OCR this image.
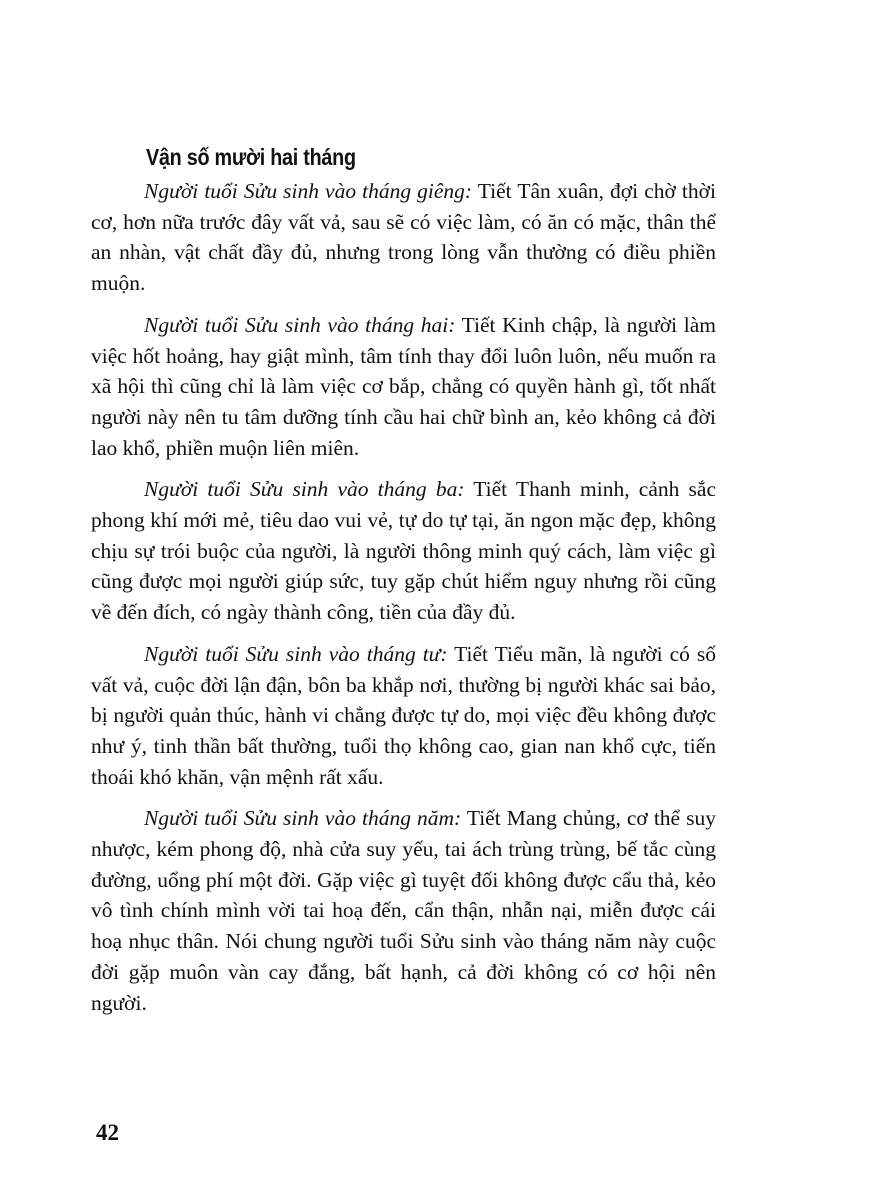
Vận số mười hai tháng

Người tuổi Sửu sinh vào tháng giêng: Tiết Tân xuân, đợi chờ thời cơ, hơn nữa trước đây vất vả, sau sẽ có việc làm, có ăn có mặc, thân thể an nhàn, vật chất đầy đủ, nhưng trong lòng vẫn thường có điều phiền muộn.

Người tuổi Sửu sinh vào tháng hai: Tiết Kinh chập, là người làm việc hốt hoảng, hay giật mình, tâm tính thay đổi luôn luôn, nếu muốn ra xã hội thì cũng chỉ là làm việc cơ bắp, chẳng có quyền hành gì, tốt nhất người này nên tu tâm dưỡng tính cầu hai chữ bình an, kẻo không cả đời lao khổ, phiền muộn liên miên.

Người tuổi Sửu sinh vào tháng ba: Tiết Thanh minh, cảnh sắc phong khí mới mẻ, tiêu dao vui vẻ, tự do tự tại, ăn ngon mặc đẹp, không chịu sự trói buộc của người, là người thông minh quý cách, làm việc gì cũng được mọi người giúp sức, tuy gặp chút hiểm nguy nhưng rồi cũng về đến đích, có ngày thành công, tiền của đầy đủ.

Người tuổi Sửu sinh vào tháng tư: Tiết Tiểu mãn, là người có số vất vả, cuộc đời lận đận, bôn ba khắp nơi, thường bị người khác sai bảo, bị người quản thúc, hành vi chẳng được tự do, mọi việc đều không được như ý, tinh thần bất thường, tuổi thọ không cao, gian nan khổ cực, tiến thoái khó khăn, vận mệnh rất xấu.

Người tuổi Sửu sinh vào tháng năm: Tiết Mang chủng, cơ thể suy nhược, kém phong độ, nhà cửa suy yếu, tai ách trùng trùng, bế tắc cùng đường, uổng phí một đời. Gặp việc gì tuyệt đối không được cẩu thả, kẻo vô tình chính mình vời tai hoạ đến, cẩn thận, nhẫn nại, miễn được cái hoạ nhục thân. Nói chung người tuổi Sửu sinh vào tháng năm này cuộc đời gặp muôn vàn cay đắng, bất hạnh, cả đời không có cơ hội nên người.

42
